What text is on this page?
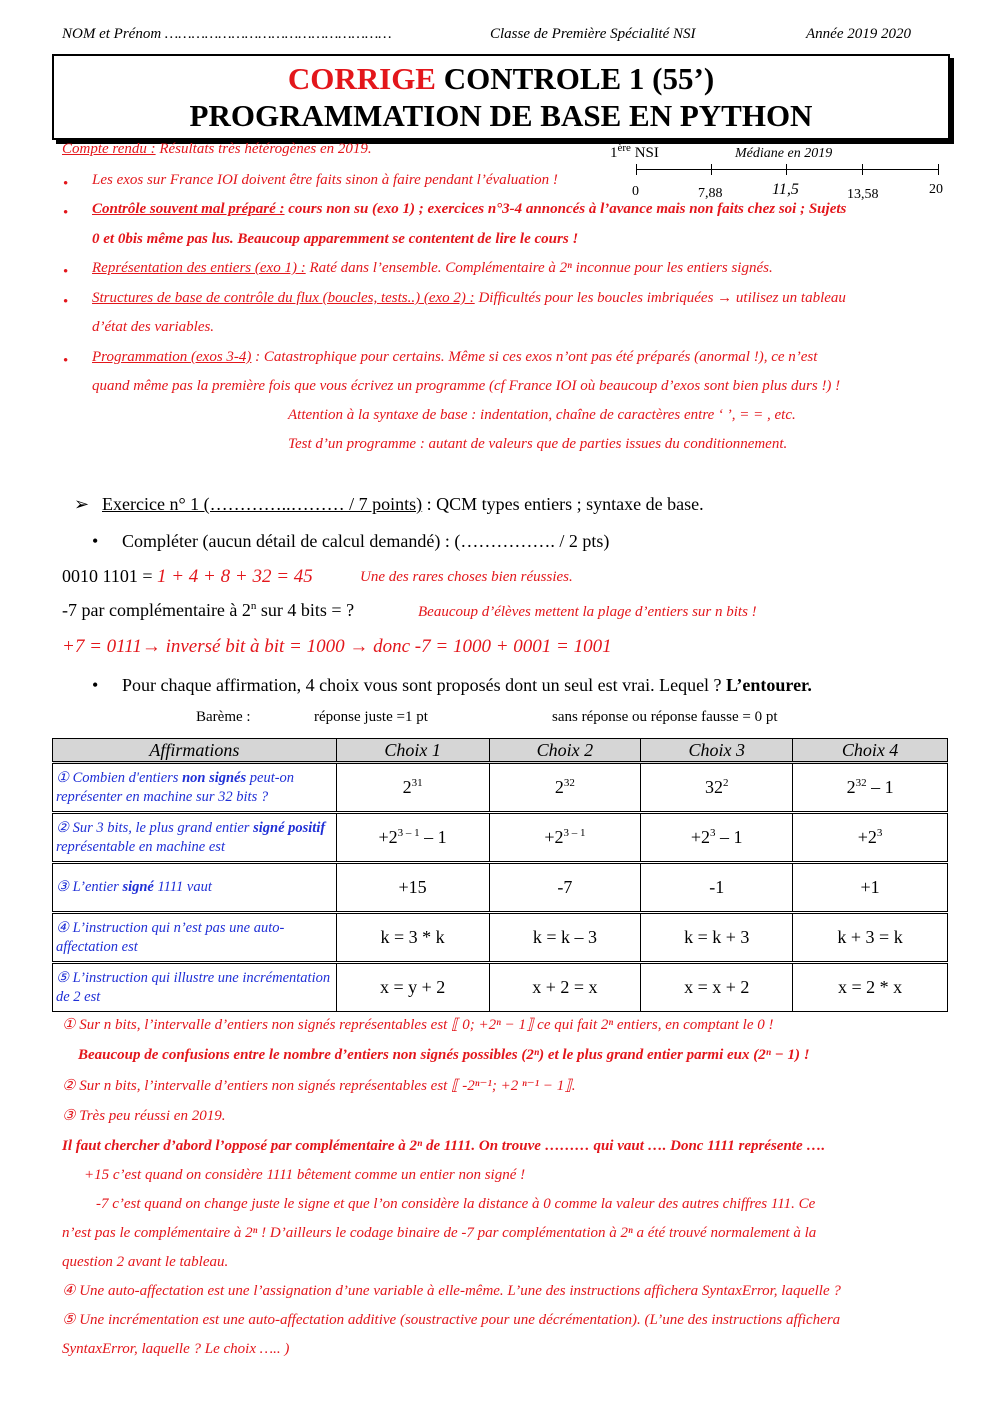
NOM et Prénom ……………………………………………	Classe de Première Spécialité NSI	Année 2019 2020
CORRIGE CONTROLE 1 (55’)
PROGRAMMATION DE BASE EN PYTHON
Compte rendu : Résultats très hétérogènes en 2019.	1ère NSI	Médiane en 2019
0	7,88	11,5	13,58	20
• Les exos sur France IOI doivent être faits sinon à faire pendant l’évaluation !
• Contrôle souvent mal préparé : cours non su (exo 1) ; exercices n°3-4 annoncés à l’avance mais non faits chez soi ; Sujets
0 et 0bis même pas lus. Beaucoup apparemment se contentent de lire le cours !
• Représentation des entiers (exo 1) : Raté dans l’ensemble. Complémentaire à 2ⁿ inconnue pour les entiers signés.
• Structures de base de contrôle du flux (boucles, tests..) (exo 2) : Difficultés pour les boucles imbriquées → utilisez un tableau
d’état des variables.
• Programmation (exos 3-4) : Catastrophique pour certains. Même si ces exos n’ont pas été préparés (anormal !), ce n’est
quand même pas la première fois que vous écrivez un programme (cf France IOI où beaucoup d’exos sont bien plus durs !) !
Attention à la syntaxe de base : indentation, chaîne de caractères entre ‘ ’, = = , etc.
Test d’un programme : autant de valeurs que de parties issues du conditionnement.
➢ Exercice n° 1 (…………..……… / 7 points) : QCM types entiers ; syntaxe de base.
• Compléter (aucun détail de calcul demandé) : (……………. / 2 pts)
0010 1101 = 1 + 4 + 8 + 32 = 45	Une des rares choses bien réussies.
-7 par complémentaire à 2$^n$ sur 4 bits = ?	Beaucoup d’élèves mettent la plage d’entiers sur n bits !
+7 = 0111→ inversé bit à bit = 1000 → donc -7 = 1000 + 0001 = 1001
• Pour chaque affirmation, 4 choix vous sont proposés dont un seul est vrai. Lequel ? L’entourer.
Barème :	réponse juste =1 pt	sans réponse ou réponse fausse = 0 pt
Affirmations	Choix 1	Choix 2	Choix 3	Choix 4
① Combien d'entiers non signés peut-on représenter en machine sur 32 bits ?	$2^{31}$	$2^{32}$	$32^2$	$2^{32} - 1$
② Sur 3 bits, le plus grand entier signé positif représentable en machine est	$+2^{3 - 1} - 1$	$+2^{3 - 1}$	$+2^3 - 1$	$+2^3$
③ L’entier signé 1111 vaut	+15	-7	-1	+1
④ L’instruction qui n’est pas une auto-affectation est	k = 3 * k	k = k – 3	k = k + 3	k + 3 = k
⑤ L’instruction qui illustre une incrémentation de 2 est	x = y + 2	x + 2 = x	x = x + 2	x = 2 * x
① Sur n bits, l’intervalle d’entiers non signés représentables est ⟦ 0; +2ⁿ − 1⟧ ce qui fait 2ⁿ entiers, en comptant le 0 !
Beaucoup de confusions entre le nombre d’entiers non signés possibles (2ⁿ) et le plus grand entier parmi eux (2ⁿ − 1) !
② Sur n bits, l’intervalle d’entiers non signés représentables est ⟦ -2ⁿ⁻¹; +2 ⁿ⁻¹ − 1⟧.
③ Très peu réussi en 2019.
Il faut chercher d’abord l’opposé par complémentaire à 2ⁿ de 1111. On trouve ……… qui vaut …. Donc 1111 représente ….
+15 c’est quand on considère 1111 bêtement comme un entier non signé !
-7 c’est quand on change juste le signe et que l’on considère la distance à 0 comme la valeur des autres chiffres 111. Ce
n’est pas le complémentaire à 2ⁿ ! D’ailleurs le codage binaire de -7 par complémentation à 2ⁿ a été trouvé normalement à la
question 2 avant le tableau.
④ Une auto-affectation est une l’assignation d’une variable à elle-même. L’une des instructions affichera SyntaxError, laquelle ?
⑤ Une incrémentation est une auto-affectation additive (soustractive pour une décrémentation). (L’une des instructions affichera
SyntaxError, laquelle ? Le choix ….. )
